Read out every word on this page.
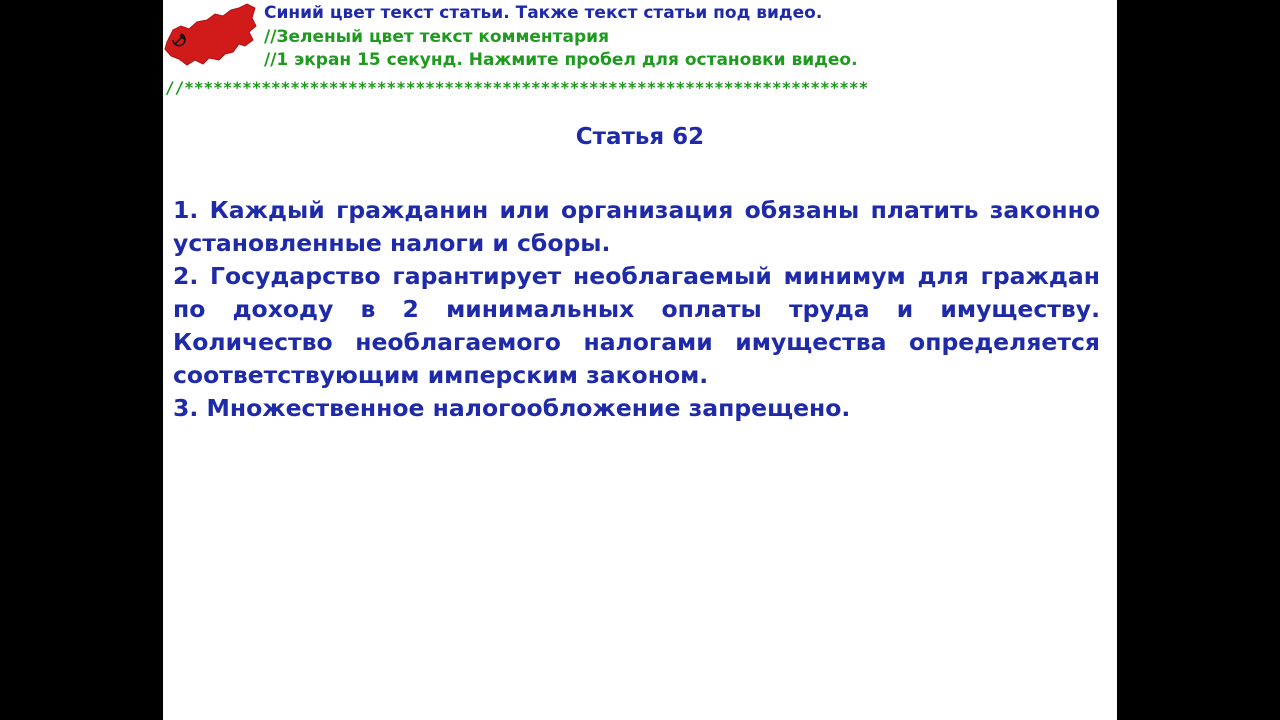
Синий цвет текст статьи. Также текст статьи под видео.
//Зеленый цвет текст комментария
//1 экран 15 секунд. Нажмите пробел для остановки видео.
//***********************************************************************
Статья 62

1. Каждый гражданин или организация обязаны платить законно установленные налоги и сборы.

2. Государство гарантирует необлагаемый минимум для граждан по доходу в 2 минимальных оплаты труда и имуществу. Количество необлагаемого налогами имущества определяется соответствующим имперским законом.

3. Множественное налогообложение запрещено.
